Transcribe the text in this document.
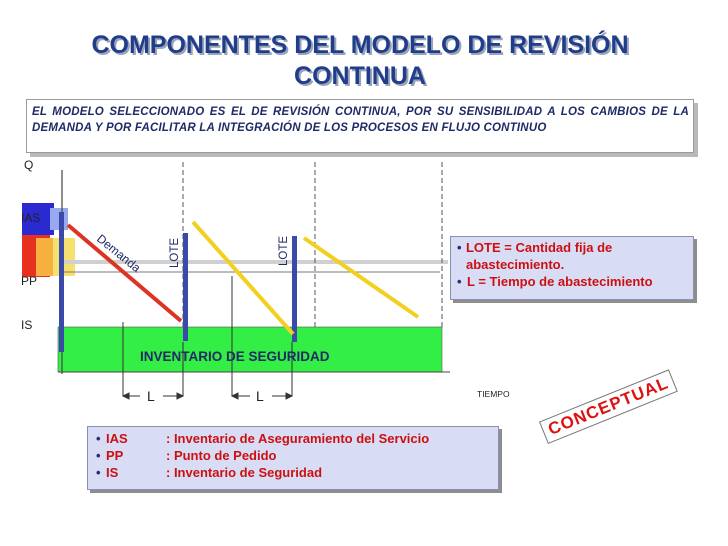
COMPONENTES DEL MODELO DE REVISIÓN
CONTINUA
EL MODELO SELECCIONADO ES EL DE REVISIÓN CONTINUA, POR SU SENSIBILIDAD A LOS CAMBIOS DE LA DEMANDA Y POR FACILITAR LA INTEGRACIÓN DE LOS PROCESOS EN FLUJO CONTINUO
INVENTARIO DE SEGURIDAD
Demanda LOTE	LOTE
L	L	TIEMPO
Q
IAS
PP
IS
• LOTE = Cantidad fija de abastecimiento.
• L = Tiempo de abastecimiento
• IAS	: Inventario de Aseguramiento del Servicio
• PP	: Punto de Pedido
• IS	: Inventario de Seguridad
CONCEPTUAL
